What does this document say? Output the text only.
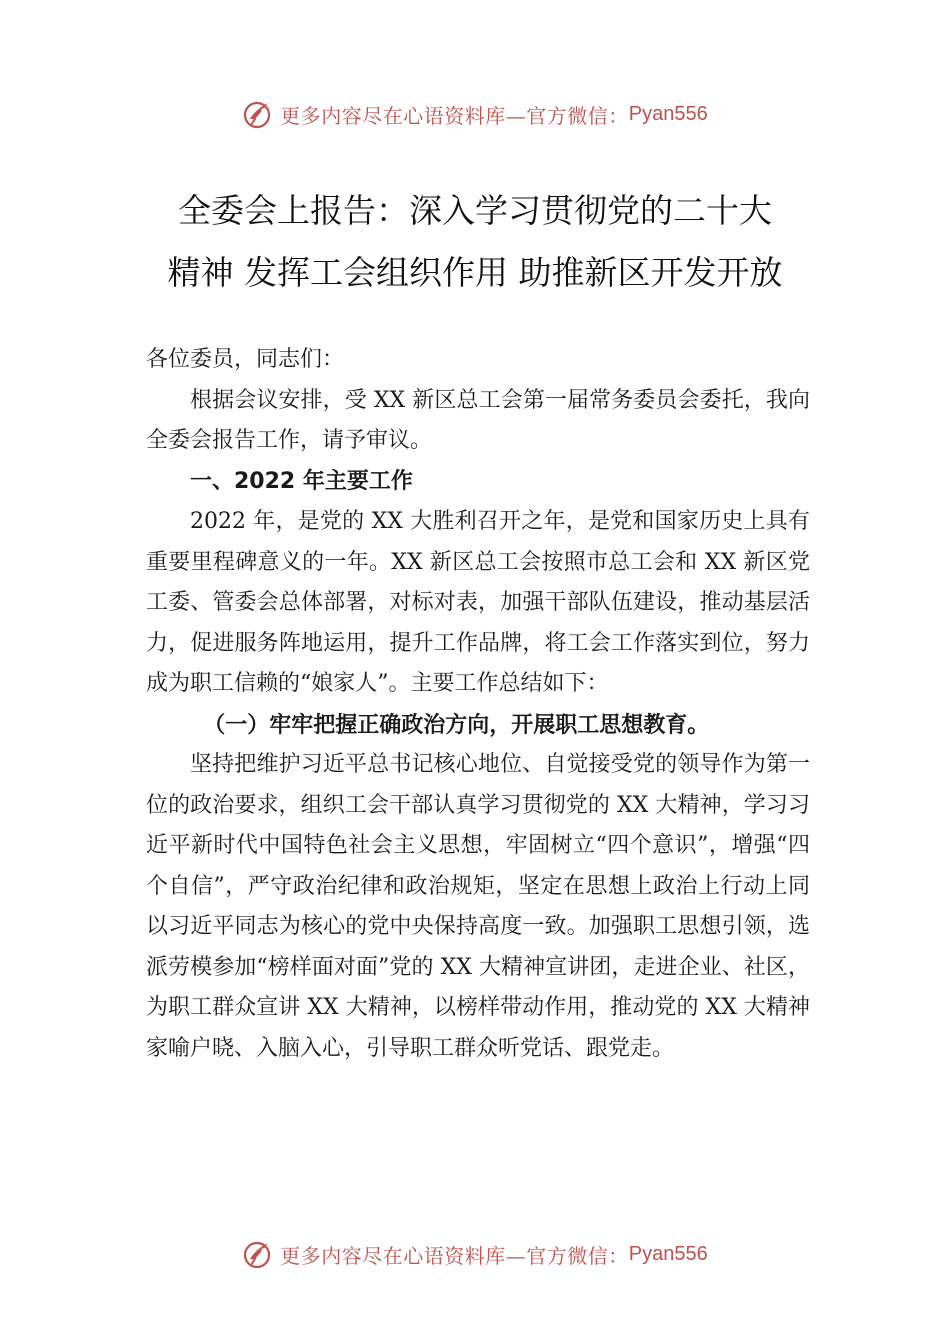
更多内容尽在心语资料库—官方微信： Pyan556
全委会上报告：深入学习贯彻党的二十大
精神 发挥工会组织作用 助推新区开发开放

各位委员，同志们：

根据会议安排，受 XX 新区总工会第一届常务委员会委托，我向全委会报告工作，请予审议。

一、2022 年主要工作

2022 年，是党的 XX 大胜利召开之年，是党和国家历史上具有重要里程碑意义的一年。XX 新区总工会按照市总工会和 XX 新区党工委、管委会总体部署，对标对表，加强干部队伍建设，推动基层活力，促进服务阵地运用，提升工作品牌，将工会工作落实到位，努力成为职工信赖的“娘家人”。主要工作总结如下：

（一）牢牢把握正确政治方向，开展职工思想教育。

坚持把维护习近平总书记核心地位、自觉接受党的领导作为第一位的政治要求，组织工会干部认真学习贯彻党的 XX 大精神，学习习近平新时代中国特色社会主义思想，牢固树立“四个意识”，增强“四个自信”，严守政治纪律和政治规矩，坚定在思想上政治上行动上同以习近平同志为核心的党中央保持高度一致。加强职工思想引领，选派劳模参加“榜样面对面”党的 XX 大精神宣讲团，走进企业、社区，为职工群众宣讲 XX 大精神，以榜样带动作用，推动党的 XX 大精神家喻户晓、入脑入心，引导职工群众听党话、跟党走。

更多内容尽在心语资料库—官方微信： Pyan556
